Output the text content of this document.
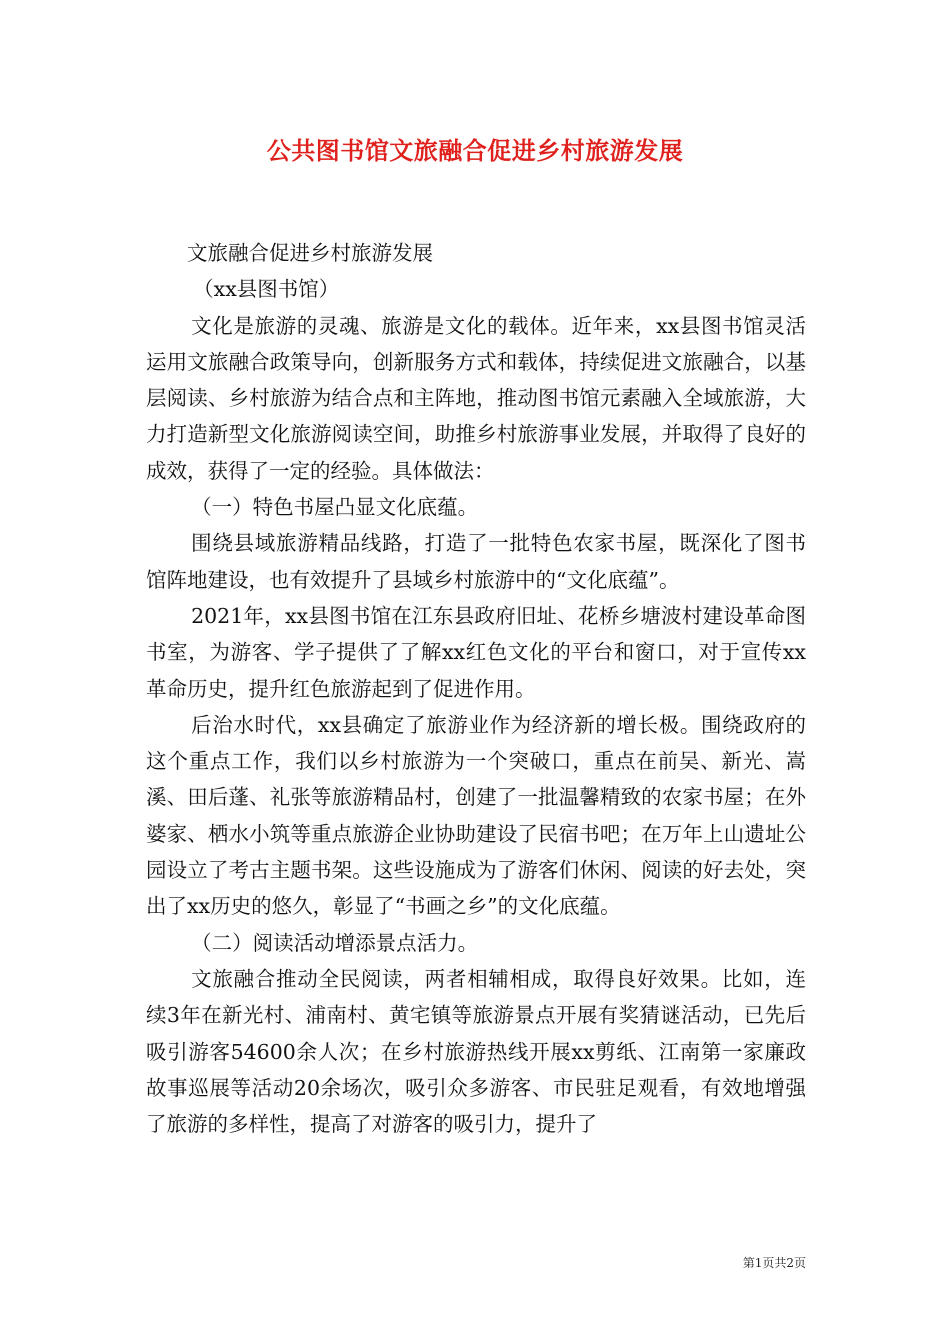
公共图书馆文旅融合促进乡村旅游发展

文旅融合促进乡村旅游发展

（xx县图书馆）

文化是旅游的灵魂、旅游是文化的载体。近年来，xx县图书馆灵活运用文旅融合政策导向，创新服务方式和载体，持续促进文旅融合，以基层阅读、乡村旅游为结合点和主阵地，推动图书馆元素融入全域旅游，大力打造新型文化旅游阅读空间，助推乡村旅游事业发展，并取得了良好的成效，获得了一定的经验。具体做法：

（一）特色书屋凸显文化底蕴。

围绕县域旅游精品线路，打造了一批特色农家书屋，既深化了图书馆阵地建设，也有效提升了县域乡村旅游中的“文化底蕴”。

2021年，xx县图书馆在江东县政府旧址、花桥乡塘波村建设革命图书室，为游客、学子提供了了解xx红色文化的平台和窗口，对于宣传xx革命历史，提升红色旅游起到了促进作用。

后治水时代，xx县确定了旅游业作为经济新的增长极。围绕政府的这个重点工作，我们以乡村旅游为一个突破口，重点在前吴、新光、嵩溪、田后蓬、礼张等旅游精品村，创建了一批温馨精致的农家书屋；在外婆家、栖水小筑等重点旅游企业协助建设了民宿书吧；在万年上山遗址公园设立了考古主题书架。这些设施成为了游客们休闲、阅读的好去处，突出了xx历史的悠久，彰显了“书画之乡”的文化底蕴。

（二）阅读活动增添景点活力。

文旅融合推动全民阅读，两者相辅相成，取得良好效果。比如，连续3年在新光村、浦南村、黄宅镇等旅游景点开展有奖猜谜活动，已先后吸引游客54600余人次；在乡村旅游热线开展xx剪纸、江南第一家廉政故事巡展等活动20余场次，吸引众多游客、市民驻足观看，有效地增强了旅游的多样性，提高了对游客的吸引力，提升了

第1页共2页
